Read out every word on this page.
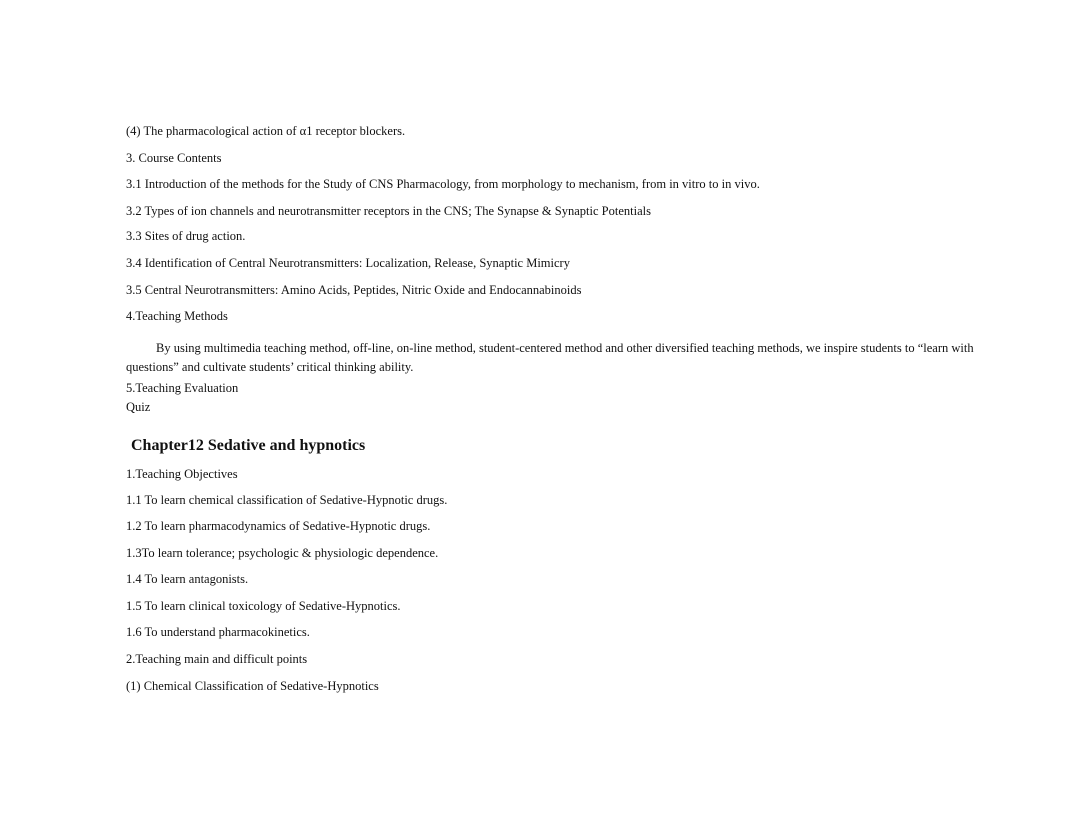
(4) The pharmacological action of α1 receptor blockers.
3. Course Contents
3.1 Introduction of the methods for the Study of CNS Pharmacology, from morphology to mechanism, from in vitro to in vivo.
3.2 Types of ion channels and neurotransmitter receptors in the CNS; The Synapse & Synaptic Potentials
3.3 Sites of drug action.
3.4 Identification of Central Neurotransmitters: Localization, Release, Synaptic Mimicry
3.5 Central Neurotransmitters: Amino Acids, Peptides, Nitric Oxide and Endocannabinoids
4.Teaching Methods
By using multimedia teaching method, off-line, on-line method, student-centered method and other diversified teaching methods, we inspire students to “learn with questions” and cultivate students’ critical thinking ability.
5.Teaching Evaluation
Quiz
Chapter12 Sedative and hypnotics
1.Teaching Objectives
1.1 To learn chemical classification of Sedative-Hypnotic drugs.
1.2 To learn pharmacodynamics of Sedative-Hypnotic drugs.
1.3To learn tolerance; psychologic & physiologic dependence.
1.4 To learn antagonists.
1.5 To learn clinical toxicology of Sedative-Hypnotics.
1.6 To understand pharmacokinetics.
2.Teaching main and difficult points
(1) Chemical Classification of Sedative-Hypnotics
